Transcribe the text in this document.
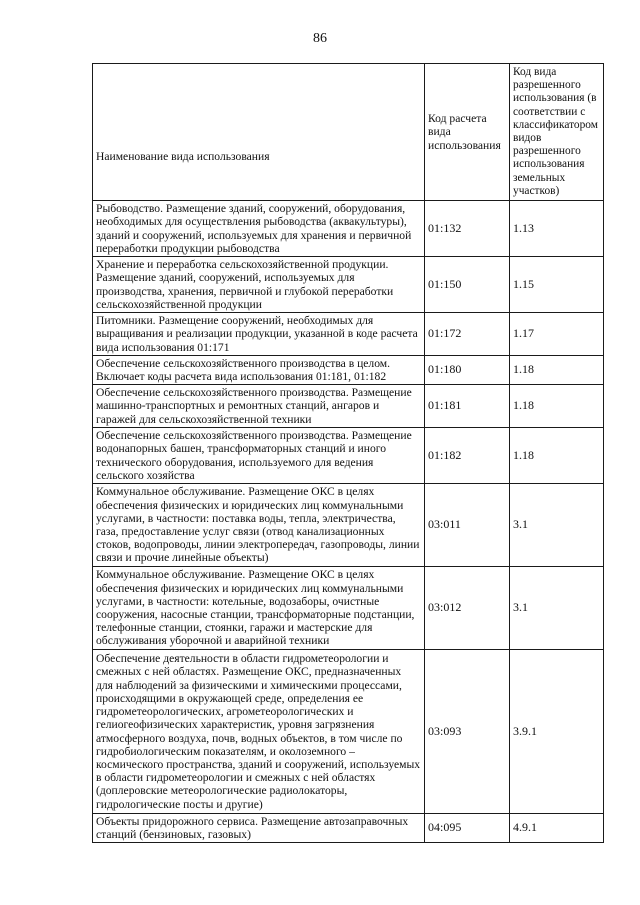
86
Наименование вида использования	Код расчета вида использования	Код вида разрешенного использования (в соответствии с классификатором видов разрешенного использования земельных участков)
Рыбоводство. Размещение зданий, сооружений, оборудования, необходимых для осуществления рыбоводства (аквакультуры), зданий и сооружений, используемых для хранения и первичной переработки продукции рыбоводства	01:132	1.13
Хранение и переработка сельскохозяйственной продукции. Размещение зданий, сооружений, используемых для производства, хранения, первичной и глубокой переработки сельскохозяйственной продукции	01:150	1.15
Питомники. Размещение сооружений, необходимых для выращивания и реализации продукции, указанной в коде расчета вида использования 01:171	01:172	1.17
Обеспечение сельскохозяйственного производства в целом. Включает коды расчета вида использования 01:181, 01:182	01:180	1.18
Обеспечение сельскохозяйственного производства. Размещение машинно-транспортных и ремонтных станций, ангаров и гаражей для сельскохозяйственной техники	01:181	1.18
Обеспечение сельскохозяйственного производства. Размещение водонапорных башен, трансформаторных станций и иного технического оборудования, используемого для ведения сельского хозяйства	01:182	1.18
Коммунальное обслуживание. Размещение ОКС в целях обеспечения физических и юридических лиц коммунальными услугами, в частности: поставка воды, тепла, электричества, газа, предоставление услуг связи (отвод канализационных стоков, водопроводы, линии электропередач, газопроводы, линии связи и прочие линейные объекты)	03:011	3.1
Коммунальное обслуживание. Размещение ОКС в целях обеспечения физических и юридических лиц коммунальными услугами, в частности: котельные, водозаборы, очистные сооружения, насосные станции, трансформаторные подстанции, телефонные станции, стоянки, гаражи и мастерские для обслуживания уборочной и аварийной техники	03:012	3.1
Обеспечение деятельности в области гидрометеорологии и смежных с ней областях. Размещение ОКС, предназначенных для наблюдений за физическими и химическими процессами, происходящими в окружающей среде, определения ее гидрометеорологических, агрометеорологических и гелиогеофизических характеристик, уровня загрязнения атмосферного воздуха, почв, водных объектов, в том числе по гидробиологическим показателям, и околоземного – космического пространства, зданий и сооружений, используемых в области гидрометеорологии и смежных с ней областях (доплеровские метеорологические радиолокаторы, гидрологические посты и другие)	03:093	3.9.1
Объекты придорожного сервиса. Размещение автозаправочных станций (бензиновых, газовых)	04:095	4.9.1
